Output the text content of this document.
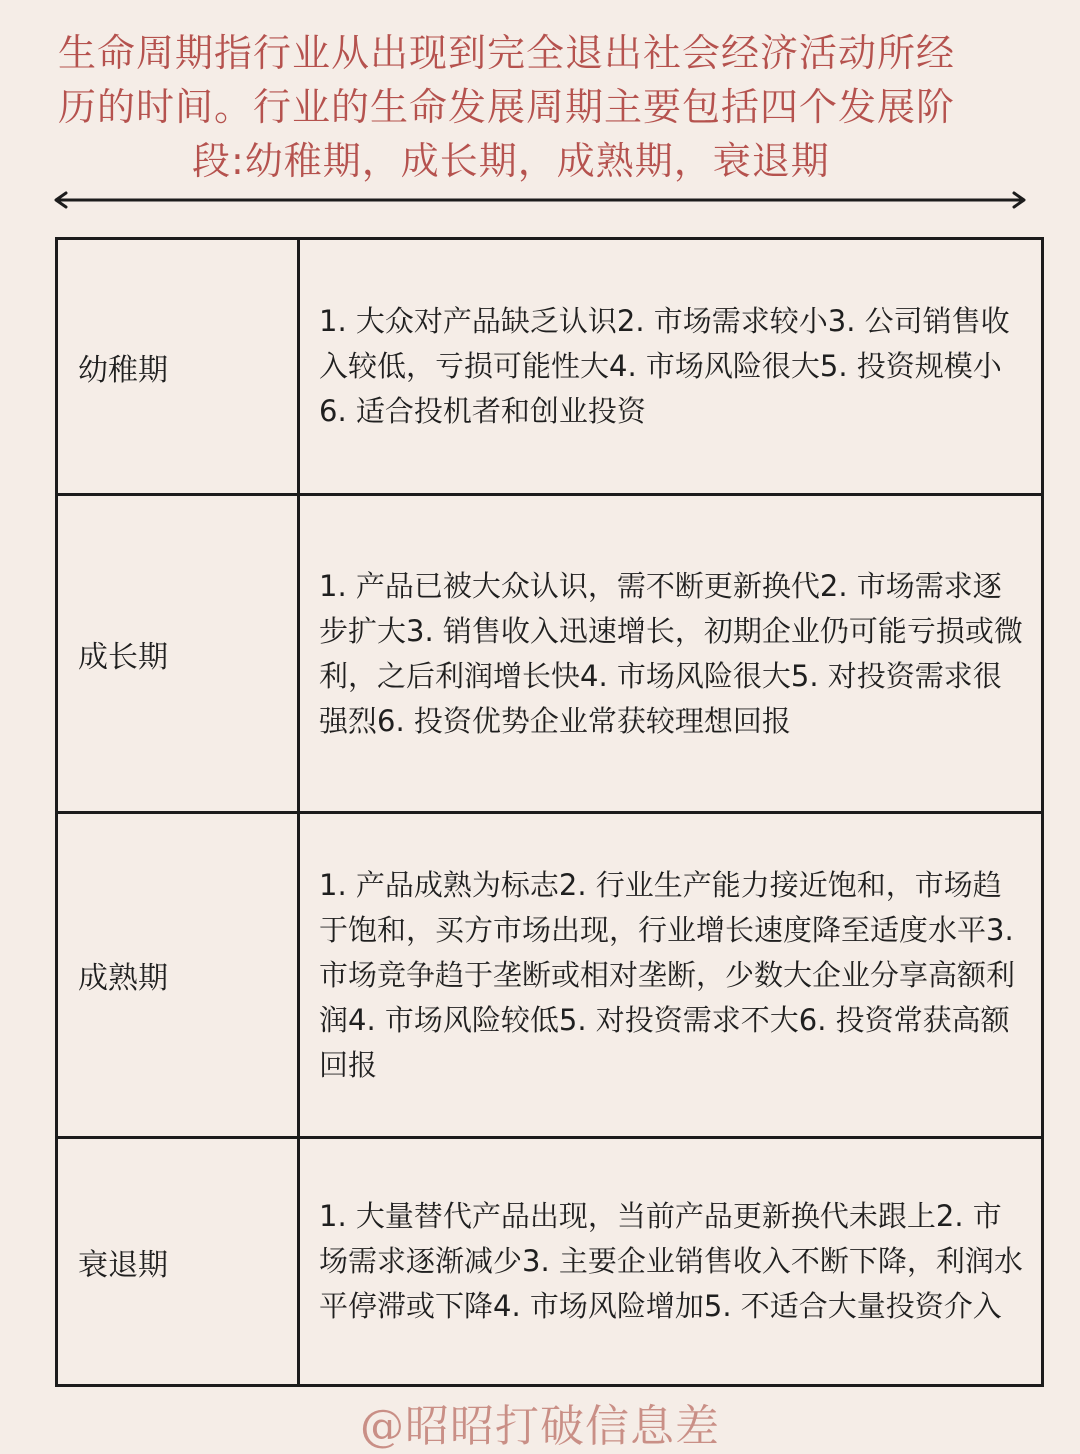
生命周期指行业从出现到完全退出社会经济活动所经
历的时间。行业的生命发展周期主要包括四个发展阶
段:幼稚期，成长期，成熟期，衰退期
幼稚期
1. 大众对产品缺乏认识2. 市场需求较小3. 公司销售收入较低，亏损可能性大4. 市场风险很大5. 投资规模小6. 适合投机者和创业投资
成长期
1. 产品已被大众认识，需不断更新换代2. 市场需求逐步扩大3. 销售收入迅速增长，初期企业仍可能亏损或微利，之后利润增长快4. 市场风险很大5. 对投资需求很强烈6. 投资优势企业常获较理想回报
成熟期
1. 产品成熟为标志2. 行业生产能力接近饱和，市场趋于饱和，买方市场出现，行业增长速度降至适度水平3. 市场竞争趋于垄断或相对垄断，少数大企业分享高额利润4. 市场风险较低5. 对投资需求不大6. 投资常获高额回报
衰退期
1. 大量替代产品出现，当前产品更新换代未跟上2. 市场需求逐渐减少3. 主要企业销售收入不断下降，利润水平停滞或下降4. 市场风险增加5. 不适合大量投资介入
@昭昭打破信息差
